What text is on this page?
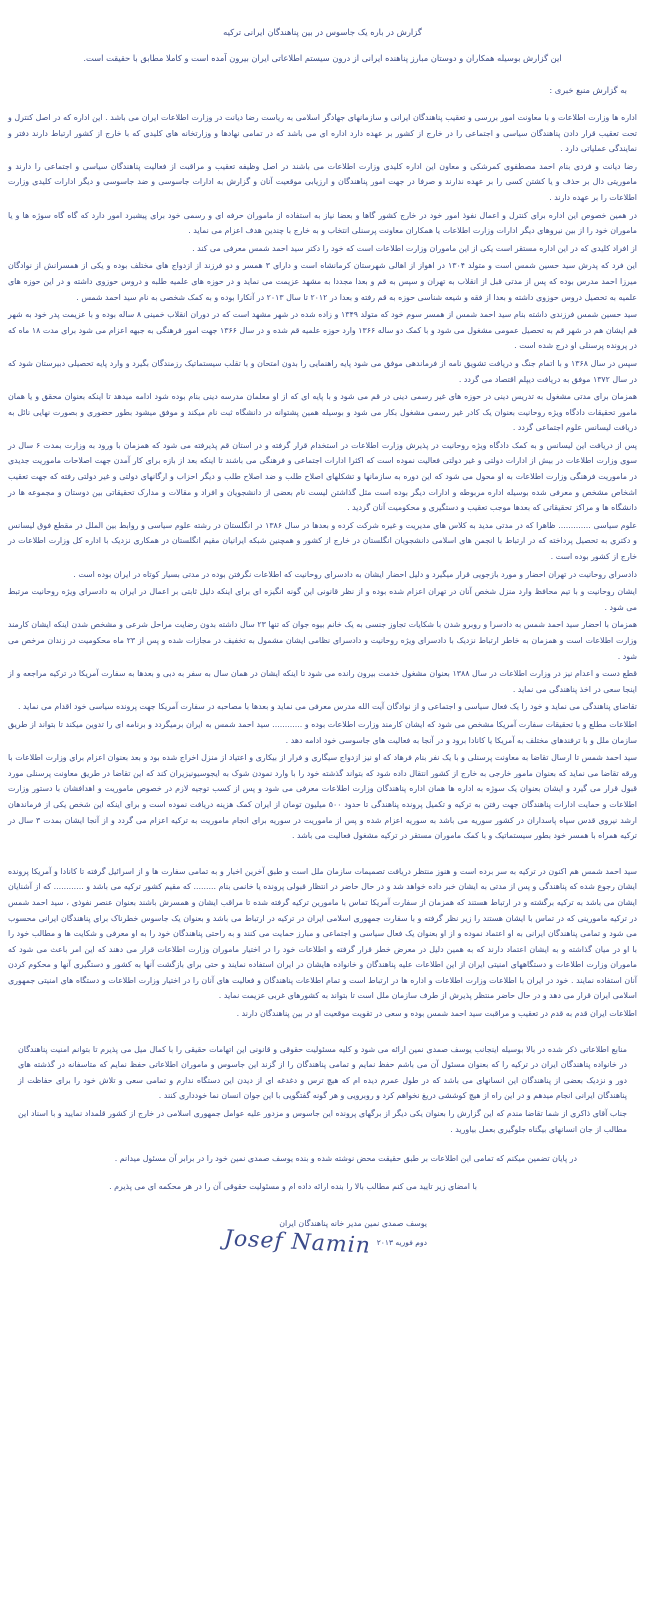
گزارش در باره یک جاسوس در بین پناهندگان ایرانی ترکیه
این گزارش بوسیله همکاران و دوستان مبارز پناهنده ایرانی از درون سیستم اطلاعاتی ایران بیرون آمده است و کاملا مطابق با حقیقت است.
به گزارش منبع خبری :
اداره ها وزارت اطلاعات و با معاونت امور بررسی و تعقیب پناهندگان ایرانی و سازمانهای جهادگر اسلامی به ریاست رضا دیانت در وزارت اطلاعات ایران می باشد . این اداره که در اصل کنترل و تحت تعقیب قرار دادن پناهندگان سیاسی و اجتماعی را در خارج از کشور بر عهده دارد اداره ای می باشد که در تمامی نهادها و وزارتخانه های کلیدی که با خارج از کشور ارتباط دارند دفتر و نمایندگی عملیاتی دارد .
رضا دیانت و فردی بنام احمد مصطفوی کمرشکی و معاون این اداره کلیدی وزارت اطلاعات می باشند در اصل وظیفه تعقیب و مراقبت از فعالیت پناهندگان سیاسی و اجتماعی را دارند و ماموریتی دال بر حذف و یا کشتن کسی را بر عهده ندارند و صرفا در جهت امور پناهندگان و ارزیابی موقعیت آنان و گزارش به ادارات جاسوسی و ضد جاسوسی و دیگر ادارات کلیدی وزارت اطلاعات را بر عهده دارند .
در همین خصوص این اداره برای کنترل و اعمال نفوذ امور خود در خارج کشور گاها و بعضا نیاز به استفاده از ماموران حرفه ای و رسمی خود برای پیشبرد امور دارد که گاه گاه سوژه ها و یا ماموران خود را از بین نیروهای دیگر ادارات وزارت اطلاعات یا همکاران معاونت پرسنلی انتخاب و به خارج با چندین هدف اعزام می نماید .
از افراد کلیدی که در این اداره مستقر است یکی از این ماموران وزارت اطلاعات است که خود را دکتر سید احمد شمس معرفی می کند .
این فرد که پدرش سید حسین شمس است و متولد ۱۳۰۴ در اهواز از اهالی شهرستان کرمانشاه است و دارای ۳ همسر و دو فرزند از ازدواج های مختلف بوده و یکی از همسرانش از نوادگان میرزا احمد مدرس بوده که پس از مدتی قبل از انقلاب به تهران و سپس به قم و بعدا مجددا به مشهد عزیمت می نماید و در حوزه های علمیه طلبه و دروس حوزوی داشته و در این حوزه های علمیه به تحصیل دروس حوزوی داشته و بعدا از فقه و شیعه شناسی حوزه به قم رفته و بعدا در ۲۰۱۲ تا سال ۲۰۱۳ در آنکارا بوده و به کمک شخصی به نام سید احمد شمس .
سید حسین شمس فرزندی داشته بنام سید احمد شمس از همسر سوم خود که متولد ۱۳۴۹ و زاده شده در شهر مشهد است که در دوران انقلاب خمینی ۸ ساله بوده و با عزیمت پدر خود به شهر قم ایشان هم در شهر قم به تحصیل عمومی مشغول می شود و با کمک دو ساله ۱۳۶۶ وارد حوزه علمیه قم شده و در سال ۱۳۶۶ جهت امور فرهنگی به جبهه اعزام می شود برای مدت ۱۸ ماه که در پرونده پرسنلی او درج شده است .
سپس در سال ۱۳۶۸ و با اتمام جنگ و دریافت تشویق نامه از فرماندهی موفق می شود پایه راهنمایی را بدون امتحان و با تقلب سیستماتیک رزمندگان بگیرد و وارد پایه تحصیلی دبیرستان شود که در سال ۱۳۷۲ موفق به دریافت دیپلم اقتصاد می گردد .
همزمان برای مدتی مشغول به تدریس دینی در حوزه های غیر رسمی دینی در قم می شود و با پایه ای که از او معلمان مدرسه دینی بنام بوده شود ادامه میدهد تا اینکه بعنوان محقق و یا همان مامور تحقیقات دادگاه ویژه روحانیت بعنوان یک کادر غیر رسمی مشغول بکار می شود و بوسیله همین پشتوانه در دانشگاه ثبت نام میکند و موفق میشود بطور حضوری و بصورت نهایی نائل به دریافت لیسانس علوم اجتماعی گردد .
پس از دریافت این لیسانس و به کمک دادگاه ویژه روحانیت در پذیرش وزارت اطلاعات در استخدام قرار گرفته و در استان قم پذیرفته می شود که همزمان با ورود به وزارت بمدت ۶ سال در سوی وزارت اطلاعات در بیش از ادارات دولتی و غیر دولتی فعالیت نموده است که اکثرا ادارات اجتماعی و فرهنگی می باشند تا اینکه بعد از بازه برای کار آمدن جهت اصلاحات ماموریت جدیدی در ماموریت فرهنگی وزارت اطلاعات به او محول می شود که این دوره به سازمانها و تشکلهای اصلاح طلب و ضد اصلاح طلب و دیگر احزاب و ارگانهای دولتی و غیر دولتی رفته که جهت تعقیب اشخاص مشخص و معرفی شده بوسیله اداره مربوطه و ادارات دیگر بوده است مثل گذاشتن لیست نام بعضی از دانشجویان و افراد و مقالات و مدارک تحقیقاتی بین دوستان و مجموعه ها در دانشگاه ها و مراکز تحقیقاتی که بعدها موجب تعقیب و دستگیری و محکومیت آنان گردید .
علوم سیاسی ............. ظاهرا که در مدتی مدید به کلاس های مدیریت و غیره شرکت کرده و بعدها در سال ۱۳۸۶ در انگلستان در رشته علوم سیاسی و روابط بین الملل در مقطع فوق لیسانس و دکتری به تحصیل پرداخته که در ارتباط با انجمن های اسلامی دانشجویان انگلستان در خارج از کشور و همچنین شبکه ایرانیان مقیم انگلستان در همکاری نزدیک با اداره کل وزارت اطلاعات در خارج از کشور بوده است .
دادسرای روحانیت در تهران احضار و مورد بازجویی قرار میگیرد و دلیل احضار ایشان به دادسرای روحانیت که اطلاعات نگرفتن بوده در مدتی بسیار کوتاه در ایران بوده است .
ایشان روحانیت و با تیم محافظ وارد منزل شخص آنان در تهران اعزام شده بوده و از نظر قانونی این گونه انگیزه ای برای اینکه دلیل ثابتی بر اعمال در ایران به دادسرای ویژه روحانیت مرتبط می شود .
همزمان با احضار سید احمد شمس به دادسرا و روبرو شدن با شکایات تجاوز جنسی به یک خانم بیوه جوان که تنها ۲۳ سال داشته بدون رضایت مراحل شرعی و مشخص شدن اینکه ایشان کارمند وزارت اطلاعات است و همزمان به خاطر ارتباط نزدیک با دادسرای ویژه روحانیت و دادسرای نظامی ایشان مشمول به تخفیف در مجازات شده و پس از ۲۳ ماه محکومیت در زندان مرخص می شود .
قطع دست و اعدام نیز در وزارت اطلاعات در سال ۱۳۸۸ بعنوان مشغول خدمت بیرون رانده می شود تا اینکه ایشان در همان سال به سفر به دبی و بعدها به سفارت آمریکا در ترکیه مراجعه و از اینجا سعی در اخذ پناهندگی می نماید .
تقاضای پناهندگی می نماید و خود را یک فعال سیاسی و اجتماعی و از نوادگان آیت الله مدرس معرفی می نماید و بعدها با مصاحبه در سفارت آمریکا جهت پرونده سیاسی خود اقدام می نماید .
اطلاعات مطلع و با تحقیقات سفارت آمریکا مشخص می شود که ایشان کارمند وزارت اطلاعات بوده و ............ سید احمد شمس به ایران برمیگردد و برنامه ای را تدوین میکند تا بتواند از طریق سازمان ملل و با ترفندهای مختلف به آمریکا یا کانادا برود و در آنجا به فعالیت های جاسوسی خود ادامه دهد .
سید احمد شمس تا ارسال تقاضا به معاونت پرسنلی و با یک نفر بنام فرهاد که او نیز ازدواج سیگاری و فرار از بیکاری و اعتیاد از منزل اخراج شده بود و بعد بعنوان اعزام برای وزارت اطلاعات با ورقه تقاضا می نماید که بعنوان مامور خارجی به خارج از کشور انتقال داده شود که بتواند گذشته خود را با وارد نمودن شوک به ایجوسیونیزیران کند که این تقاضا در طریق معاونت پرسنلی مورد قبول قرار می گیرد و ایشان بعنوان یک سوژه به اداره ها همان اداره پناهندگان وزارت اطلاعات معرفی می شود و پس از کسب توجیه لازم در خصوص ماموریت و اهدافشان با دستور وزارت اطلاعات و حمایت ادارات پناهندگان جهت رفتن به ترکیه و تکمیل پرونده پناهندگی تا حدود ۵۰۰ میلیون تومان از ایران کمک هزینه دریافت نموده است و برای اینکه این شخص یکی از فرماندهان ارشد نیروی قدس سپاه پاسداران در کشور سوریه می باشد به سوریه اعزام شده و پس از ماموریت در سوریه برای انجام ماموریت به ترکیه اعزام می گردد و از آنجا ایشان بمدت ۳ سال در ترکیه همراه با همسر خود بطور سیستماتیک و با کمک ماموران مستقر در ترکیه مشغول فعالیت می باشد .
سید احمد شمس هم اکنون در ترکیه به سر برده است و هنوز منتظر دریافت تصمیمات سازمان ملل است و طبق آخرین اخبار و به تمامی سفارت ها و از اسرائیل گرفته تا کانادا و آمریکا پرونده ایشان رجوع شده که پناهندگی و پس از مدتی به ایشان خبر داده خواهد شد و در حال حاضر در انتظار قبولی پرونده یا خانمی بنام ......... که مقیم کشور ترکیه می باشد و ............ که از آشنایان ایشان می باشد به ترکیه برگشته و در ارتباط هستند که همزمان از سفارت آمریکا تماس با مامورین ترکیه گرفته شده تا مراقب ایشان و همسرش باشند بعنوان عنصر نفوذی ، سید احمد شمس در ترکیه مامورینی که در تماس با ایشان هستند را زیر نظر گرفته و با سفارت جمهوری اسلامی ایران در ترکیه در ارتباط می باشد و بعنوان یک جاسوس خطرناک برای پناهندگان ایرانی محسوب می شود و تمامی پناهندگان ایرانی به او اعتماد نموده و از او بعنوان یک فعال سیاسی و اجتماعی و مبارز حمایت می کنند و به راحتی پناهندگان خود را به او معرفی و شکایت ها و مطالب خود را با او در میان گذاشته و به ایشان اعتماد دارند که به همین دلیل در معرض خطر قرار گرفته و اطلاعات خود را در اختیار ماموران وزارت اطلاعات قرار می دهند که این امر باعث می شود که ماموران وزارت اطلاعات و دستگاههای امنیتی ایران از این اطلاعات علیه پناهندگان و خانواده هایشان در ایران استفاده نمایند و حتی برای بازگشت آنها به کشور و دستگیری آنها و محکوم کردن آنان استفاده نمایند . خود در ایران با اطلاعات وزارت اطلاعات و اداره ها در ارتباط است و تمام اطلاعات پناهندگان و فعالیت های آنان را در اختیار وزارت اطلاعات و دستگاه های امنیتی جمهوری اسلامی ایران قرار می دهد و در حال حاضر منتظر پذیرش از طرف سازمان ملل است تا بتواند به کشورهای غربی عزیمت نماید .
اطلاعات ایران قدم به قدم در تعقیب و مراقبت سید احمد شمس بوده و سعی در تقویت موقعیت او در بین پناهندگان دارند .
منابع اطلاعاتی ذکر شده در بالا بوسیله اینجانب یوسف صمدی نمین ارائه می شود و کلیه مسئولیت حقوقی و قانونی این اتهامات حقیقی را با کمال میل می پذیرم تا بتوانم امنیت پناهندگان در خانواده پناهندگان ایران در ترکیه را که بعنوان مسئول آن می باشم حفظ نمایم و تمامی پناهندگان را از گزند این جاسوس و ماموران اطلاعاتی حفظ نمایم که متاسفانه در گذشته های دور و نزدیک بعضی از پناهندگان این انسانهای می باشد که در طول عمرم دیده ام که هیچ ترس و دغدغه ای از دیدن این دستگاه ندارم و تمامی سعی و تلاش خود را برای حفاظت از پناهندگان ایرانی انجام میدهم و در این راه از هیچ کوششی دریغ نخواهم کرد و روبرویی و هر گونه گفتگویی با این جوان انسان نما خودداری کنند .
جناب آقای ذاکری از شما تقاضا مندم که این گزارش را بعنوان یکی دیگر از برگهای پرونده این جاسوس و مزدور علیه عوامل جمهوری اسلامی در خارج از کشور قلمداد نمایید و با اسناد این مطالب از جان انسانهای بیگناه جلوگیری بعمل بیاورید .
در پایان تضمین میکنم که تمامی این اطلاعات بر طبق حقیقت محض نوشته شده و بنده یوسف صمدی نمین خود را در برابر آن مسئول میدانم .
با امضای زیر تایید می کنم مطالب بالا را بنده ارائه داده ام و مسئولیت حقوقی آن را در هر محکمه ای می پذیرم .
یوسف صمدی نمین مدیر خانه پناهندگان ایران
Josef Namin دوم فوریه ۲۰۱۳
